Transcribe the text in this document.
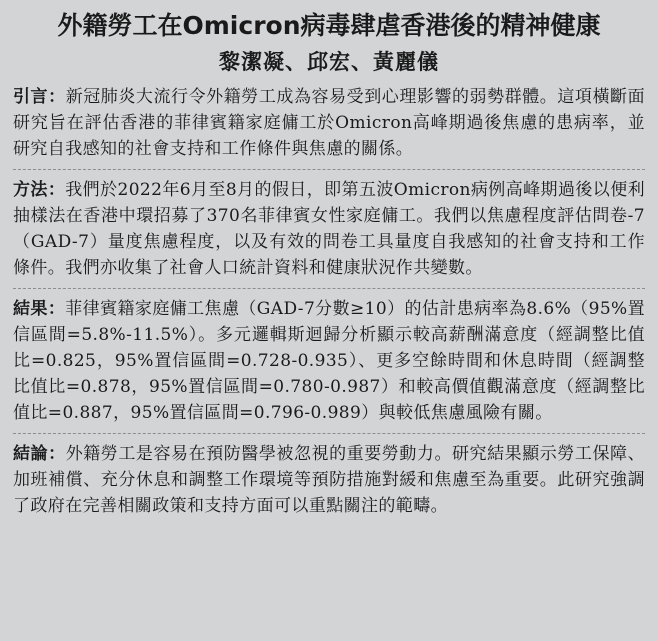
外籍勞工在Omicron病毒肆虐香港後的精神健康
黎潔凝、邱宏、黃麗儀
引言：新冠肺炎大流行令外籍勞工成為容易受到心理影響的弱勢群體。這項橫斷面研究旨在評估香港的菲律賓籍家庭傭工於Omicron高峰期過後焦慮的患病率，並研究自我感知的社會支持和工作條件與焦慮的關係。
方法：我們於2022年6月至8月的假日，即第五波Omicron病例高峰期過後以便利抽樣法在香港中環招募了370名菲律賓女性家庭傭工。我們以焦慮程度評估問卷-7（GAD-7）量度焦慮程度，以及有效的問卷工具量度自我感知的社會支持和工作條件。我們亦收集了社會人口統計資料和健康狀況作共變數。
結果：菲律賓籍家庭傭工焦慮（GAD-7分數≥10）的估計患病率為8.6%（95%置信區間=5.8%-11.5%）。多元邏輯斯迴歸分析顯示較高薪酬滿意度（經調整比值比=0.825，95%置信區間=0.728-0.935）、更多空餘時間和休息時間（經調整比值比=0.878，95%置信區間=0.780-0.987）和較高價值觀滿意度（經調整比值比=0.887，95%置信區間=0.796-0.989）與較低焦慮風險有關。
結論：外籍勞工是容易在預防醫學被忽視的重要勞動力。研究結果顯示勞工保障、加班補償、充分休息和調整工作環境等預防措施對緩和焦慮至為重要。此研究強調了政府在完善相關政策和支持方面可以重點關注的範疇。
